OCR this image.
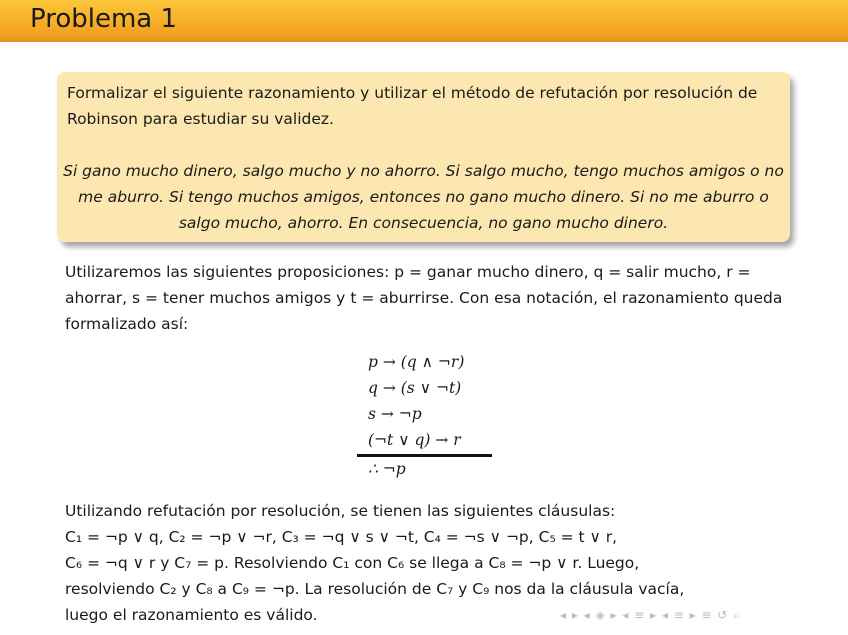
Problema 1
Formalizar el siguiente razonamiento y utilizar el método de refutación por resolución de Robinson para estudiar su validez.
Si gano mucho dinero, salgo mucho y no ahorro. Si salgo mucho, tengo muchos amigos o no me aburro. Si tengo muchos amigos, entonces no gano mucho dinero. Si no me aburro o salgo mucho, ahorro. En consecuencia, no gano mucho dinero.
Utilizaremos las siguientes proposiciones: p = ganar mucho dinero, q = salir mucho, r = ahorrar, s = tener muchos amigos y t = aburrirse. Con esa notación, el razonamiento queda formalizado así:
p → (q ∧ ¬r)
q → (s ∨ ¬t)
s → ¬p
(¬t ∨ q) → r
∴ ¬p
Utilizando refutación por resolución, se tienen las siguientes cláusulas:
C₁ = ¬p ∨ q, C₂ = ¬p ∨ ¬r, C₃ = ¬q ∨ s ∨ ¬t, C₄ = ¬s ∨ ¬p, C₅ = t ∨ r,
C₆ = ¬q ∨ r y C₇ = p. Resolviendo C₁ con C₆ se llega a C₈ = ¬p ∨ r. Luego,
resolviendo C₂ y C₈ a C₉ = ¬p. La resolución de C₇ y C₉ nos da la cláusula vacía,
luego el razonamiento es válido.	◂ ▸ ◂ ◈ ▸ ◂ ≡ ▸ ◂ ≡ ▸ ≡ ↺ ⌕
